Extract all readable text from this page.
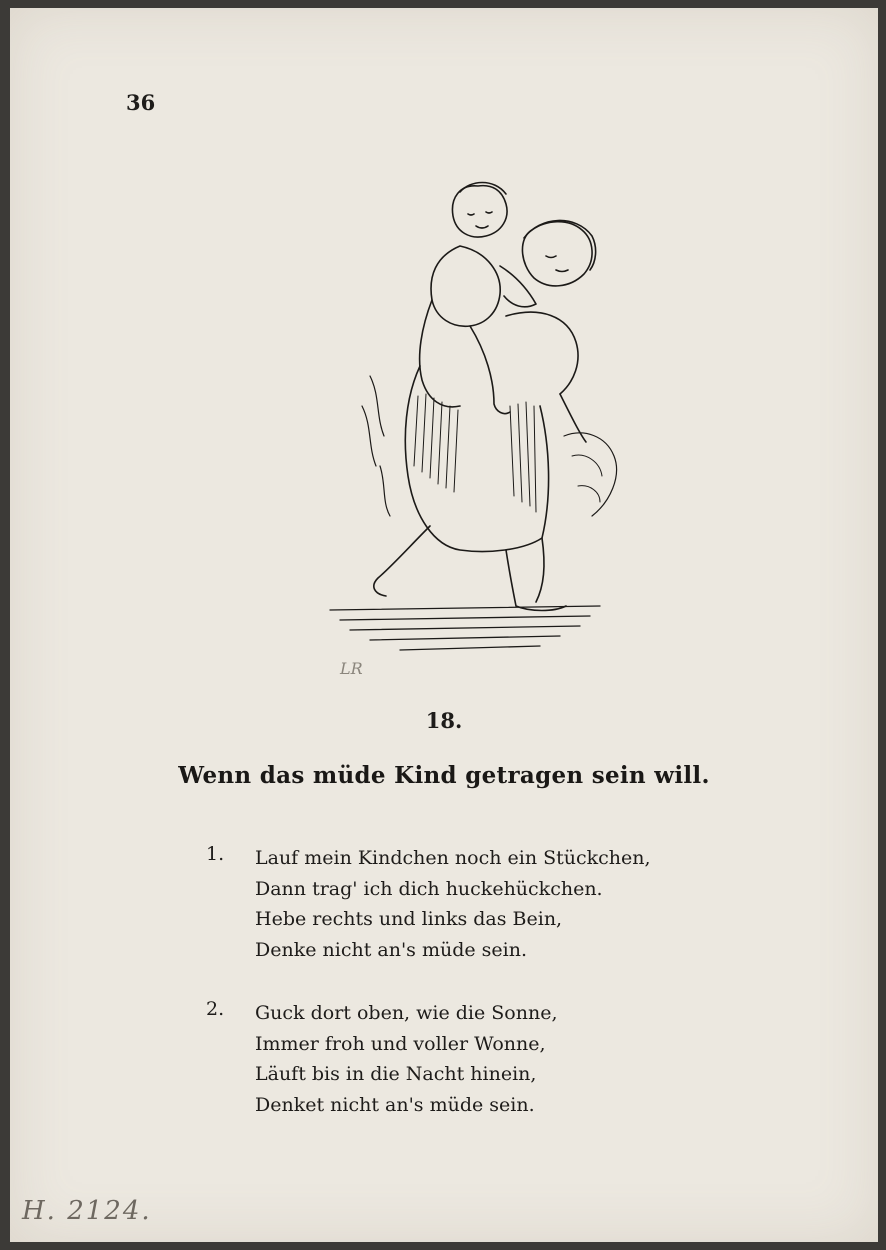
36
LR
18.
Wenn das müde Kind getragen sein will.
1.	Lauf mein Kindchen noch ein Stückchen,
Dann trag' ich dich huckehückchen.
Hebe rechts und links das Bein,
Denke nicht an's müde sein.
2.	Guck dort oben, wie die Sonne,
Immer froh und voller Wonne,
Läuft bis in die Nacht hinein,
Denket nicht an's müde sein.
H. 2124.
